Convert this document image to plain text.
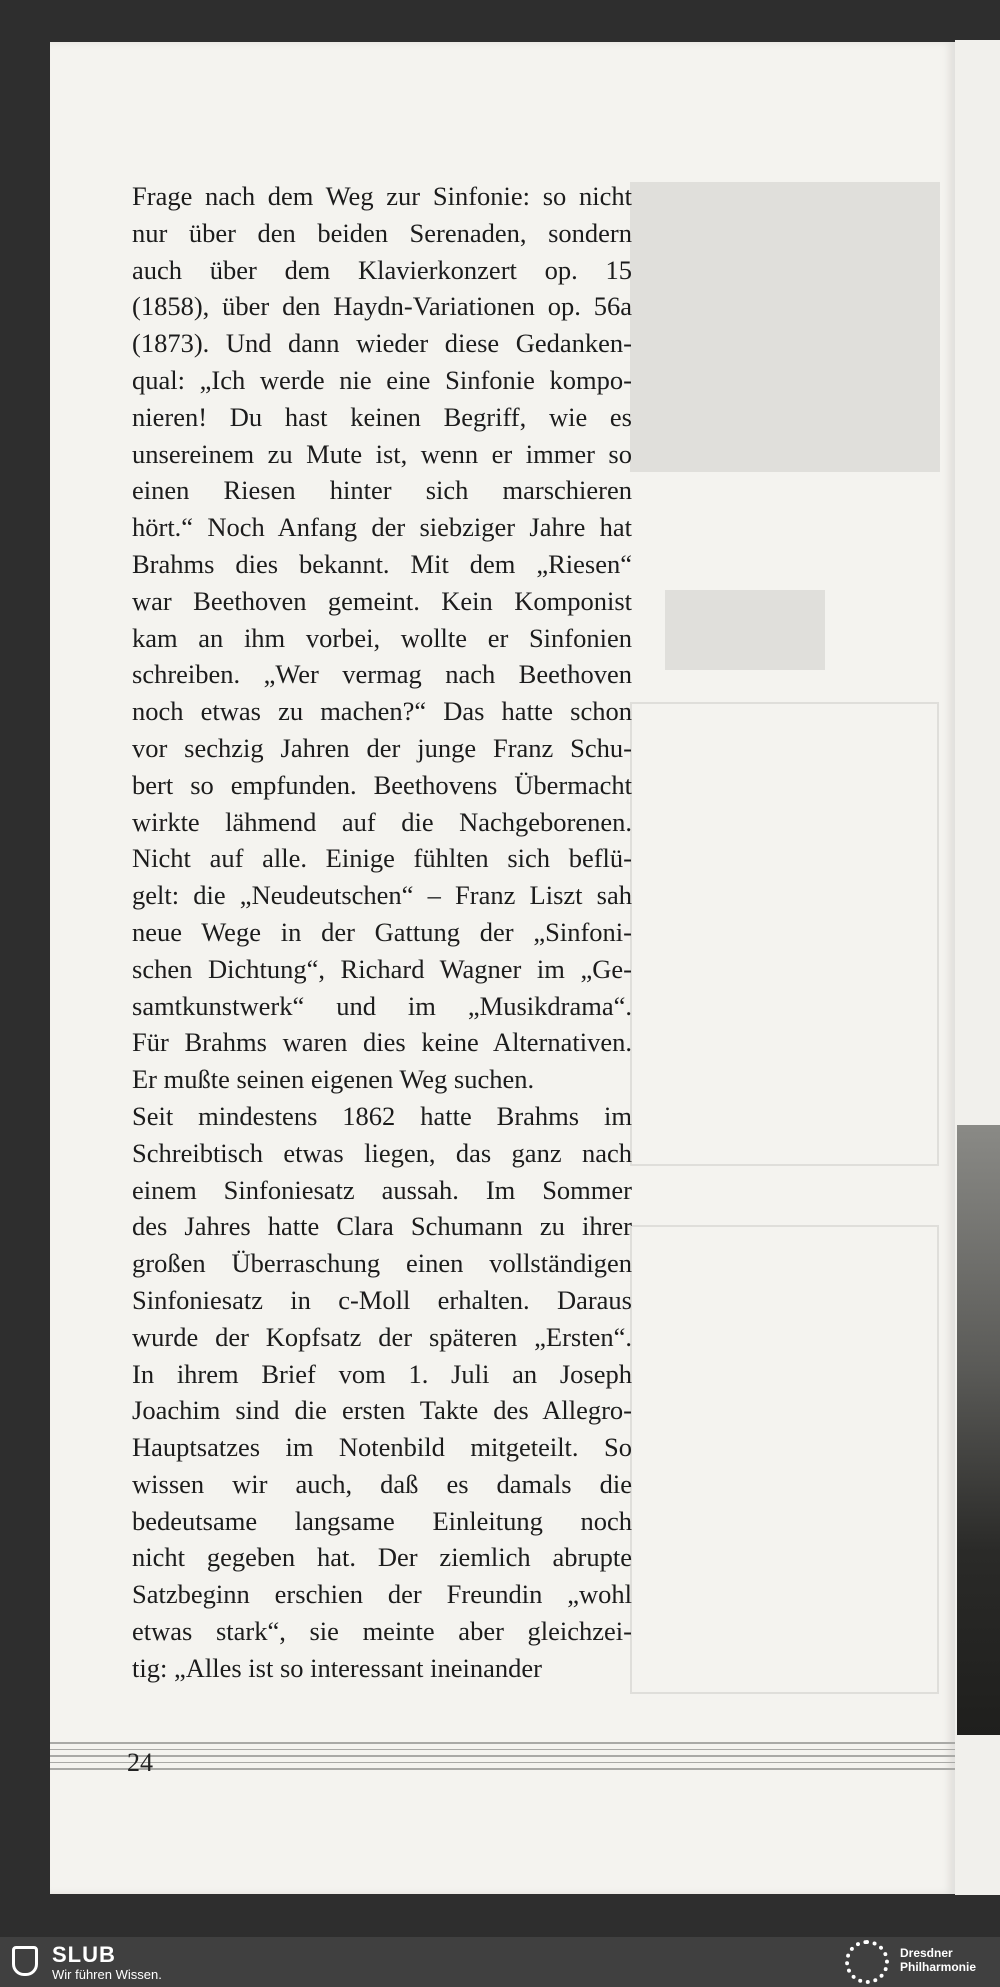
Frage nach dem Weg zur Sinfonie: so nicht
nur über den beiden Serenaden, sondern
auch über dem Klavierkonzert op. 15
(1858), über den Haydn-Variationen op. 56a
(1873). Und dann wieder diese Gedanken-
qual: „Ich werde nie eine Sinfonie kompo-
nieren! Du hast keinen Begriff, wie es
unsereinem zu Mute ist, wenn er immer so
einen Riesen hinter sich marschieren
hört.“ Noch Anfang der siebziger Jahre hat
Brahms dies bekannt. Mit dem „Riesen“
war Beethoven gemeint. Kein Komponist
kam an ihm vorbei, wollte er Sinfonien
schreiben. „Wer vermag nach Beethoven
noch etwas zu machen?“ Das hatte schon
vor sechzig Jahren der junge Franz Schu-
bert so empfunden. Beethovens Übermacht
wirkte lähmend auf die Nachgeborenen.
Nicht auf alle. Einige fühlten sich beflü-
gelt: die „Neudeutschen“ – Franz Liszt sah
neue Wege in der Gattung der „Sinfoni-
schen Dichtung“, Richard Wagner im „Ge-
samtkunstwerk“ und im „Musikdrama“.
Für Brahms waren dies keine Alternativen.
Er mußte seinen eigenen Weg suchen.
Seit mindestens 1862 hatte Brahms im
Schreibtisch etwas liegen, das ganz nach
einem Sinfoniesatz aussah. Im Sommer
des Jahres hatte Clara Schumann zu ihrer
großen Überraschung einen vollständigen
Sinfoniesatz in c-Moll erhalten. Daraus
wurde der Kopfsatz der späteren „Ersten“.
In ihrem Brief vom 1. Juli an Joseph
Joachim sind die ersten Takte des Allegro-
Hauptsatzes im Notenbild mitgeteilt. So
wissen wir auch, daß es damals die
bedeutsame langsame Einleitung noch
nicht gegeben hat. Der ziemlich abrupte
Satzbeginn erschien der Freundin „wohl
etwas stark“, sie meinte aber gleichzei-
tig: „Alles ist so interessant ineinander
24
SLUB
Wir führen Wissen.
Dresdner
Philharmonie
